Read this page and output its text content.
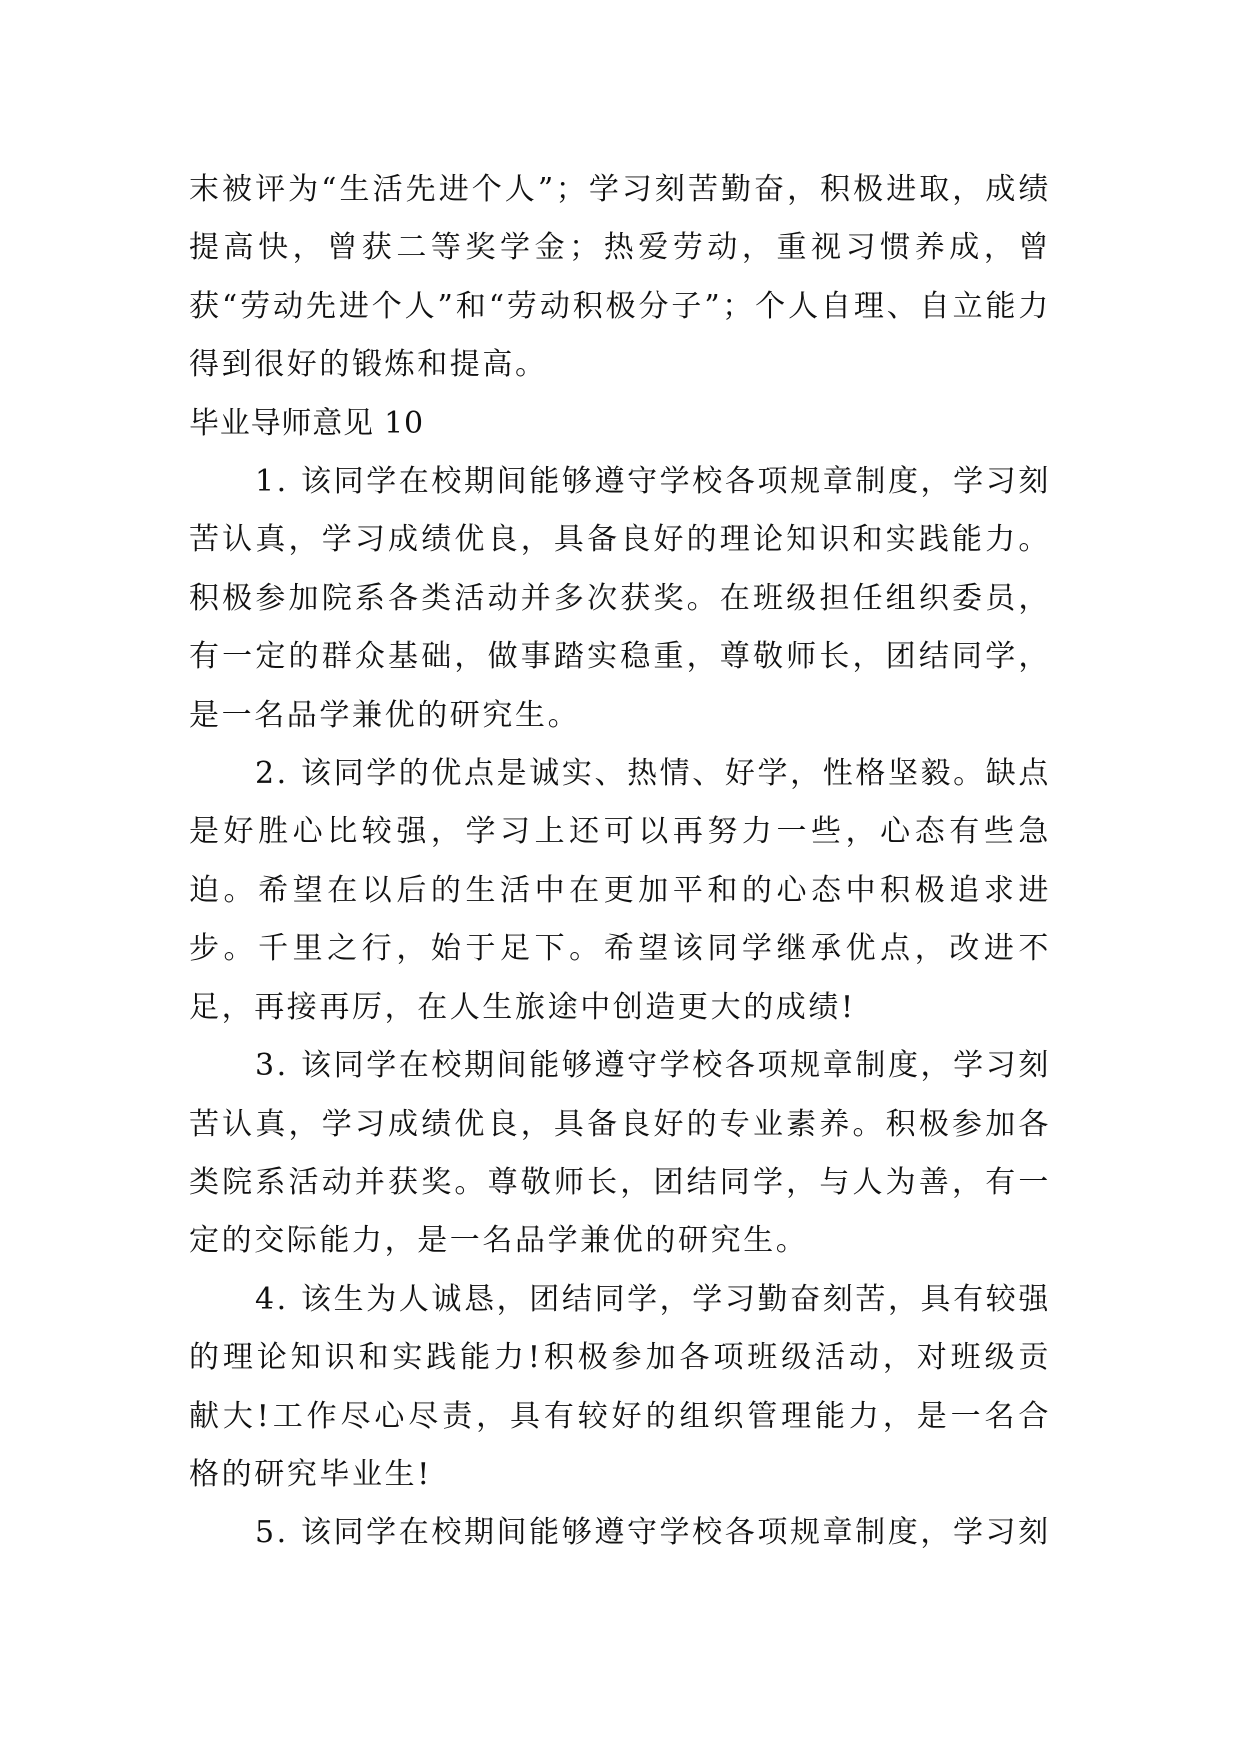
末被评为“生活先进个人”；学习刻苦勤奋，积极进取，成绩提高快，曾获二等奖学金；热爱劳动，重视习惯养成，曾获“劳动先进个人”和“劳动积极分子”；个人自理、自立能力得到很好的锻炼和提高。

毕业导师意见 10

1. 该同学在校期间能够遵守学校各项规章制度，学习刻苦认真，学习成绩优良，具备良好的理论知识和实践能力。积极参加院系各类活动并多次获奖。在班级担任组织委员，有一定的群众基础，做事踏实稳重，尊敬师长，团结同学，是一名品学兼优的研究生。

2. 该同学的优点是诚实、热情、好学，性格坚毅。缺点是好胜心比较强，学习上还可以再努力一些，心态有些急迫。希望在以后的生活中在更加平和的心态中积极追求进步。千里之行，始于足下。希望该同学继承优点，改进不足，再接再厉，在人生旅途中创造更大的成绩!

3. 该同学在校期间能够遵守学校各项规章制度，学习刻苦认真，学习成绩优良，具备良好的专业素养。积极参加各类院系活动并获奖。尊敬师长，团结同学，与人为善，有一定的交际能力，是一名品学兼优的研究生。

4. 该生为人诚恳，团结同学，学习勤奋刻苦，具有较强的理论知识和实践能力!积极参加各项班级活动，对班级贡献大!工作尽心尽责，具有较好的组织管理能力，是一名合格的研究毕业生!

5. 该同学在校期间能够遵守学校各项规章制度，学习刻
